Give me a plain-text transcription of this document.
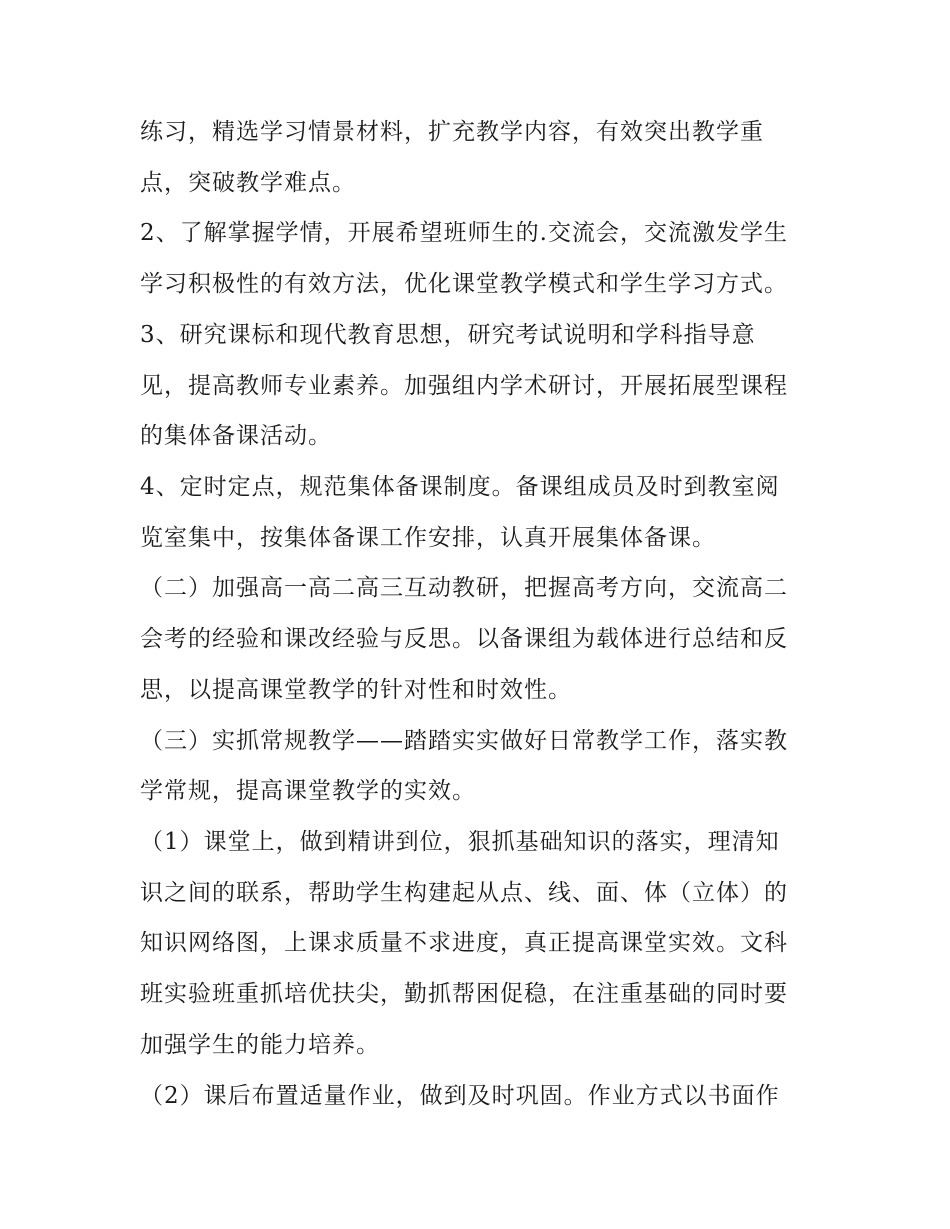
练习，精选学习情景材料，扩充教学内容，有效突出教学重
点，突破教学难点。
2、了解掌握学情，开展希望班师生的.交流会，交流激发学生
学习积极性的有效方法，优化课堂教学模式和学生学习方式。
3、研究课标和现代教育思想，研究考试说明和学科指导意
见，提高教师专业素养。加强组内学术研讨，开展拓展型课程
的集体备课活动。
4、定时定点，规范集体备课制度。备课组成员及时到教室阅
览室集中，按集体备课工作安排，认真开展集体备课。
（二）加强高一高二高三互动教研，把握高考方向，交流高二
会考的经验和课改经验与反思。以备课组为载体进行总结和反
思，以提高课堂教学的针对性和时效性。
（三）实抓常规教学——踏踏实实做好日常教学工作，落实教
学常规，提高课堂教学的实效。
（1）课堂上，做到精讲到位，狠抓基础知识的落实，理清知
识之间的联系，帮助学生构建起从点、线、面、体（立体）的
知识网络图，上课求质量不求进度，真正提高课堂实效。文科
班实验班重抓培优扶尖，勤抓帮困促稳，在注重基础的同时要
加强学生的能力培养。
（2）课后布置适量作业，做到及时巩固。作业方式以书面作
